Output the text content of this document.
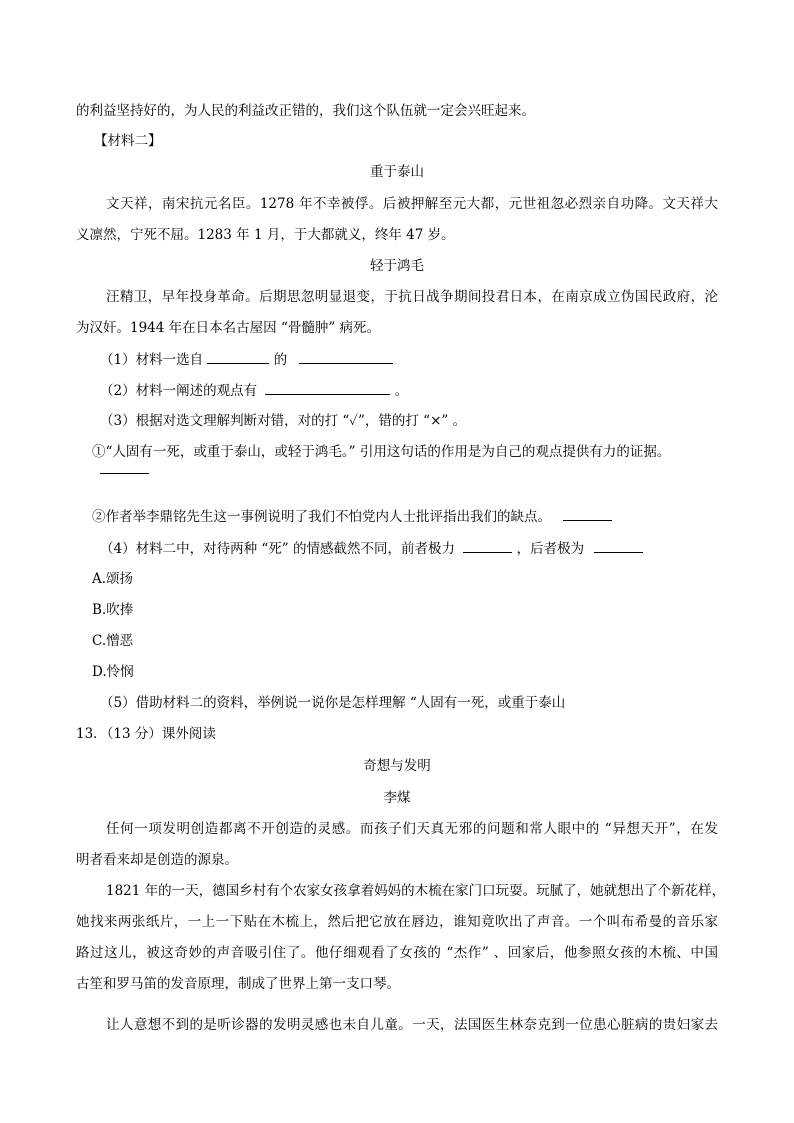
的利益坚持好的，为人民的利益改正错的，我们这个队伍就一定会兴旺起来。
【材料二】
重于泰山
文天祥，南宋抗元名臣。1278 年不幸被俘。后被押解至元大都，元世祖忽必烈亲自功降。文天祥大
义凛然，宁死不屈。1283 年 1 月，于大都就义，终年 47 岁。
轻于鸿毛
汪精卫，早年投身革命。后期思忽明显退变，于抗日战争期间投君日本，在南京成立伪国民政府，沦
为汉奸。1944 年在日本名古屋因 “骨髓肿” 病死。
（1）材料一选自	的
（2）材料一阐述的观点有	。
（3）根据对选文理解判断对错，对的打 “✓”，错的打 “×” 。
①“人固有一死，或重于泰山，或轻于鸿毛。” 引用这句话的作用是为自己的观点提供有力的证据。
②作者举李鼎铭先生这一事例说明了我们不怕党内人士批评指出我们的缺点。
（4）材料二中，对待两种 “死” 的情感截然不同，前者极力	，后者极为
A.颂扬
B.吹捧
C.憎恶
D.怜悯
（5）借助材料二的资料，举例说一说你是怎样理解 “人固有一死，或重于泰山
13．（13 分）课外阅读
奇想与发明
李煤
任何一项发明创造都离不开创造的灵感。而孩子们天真无邪的问题和常人眼中的 “异想天开”，在发
明者看来却是创造的源泉。
1821 年的一天，德国乡村有个农家女孩拿着妈妈的木梳在家门口玩耍。玩腻了，她就想出了个新花样，
她找来两张纸片，一上一下贴在木梳上，然后把它放在唇边，谁知竟吹出了声音。一个叫布希曼的音乐家
路过这儿，被这奇妙的声音吸引住了。他仔细观看了女孩的 “杰作” 、回家后，他参照女孩的木梳、中国
古笙和罗马笛的发音原理，制成了世界上第一支口琴。
让人意想不到的是听诊器的发明灵感也未自儿童。一天，法国医生林奈克到一位患心脏病的贵妇家去
